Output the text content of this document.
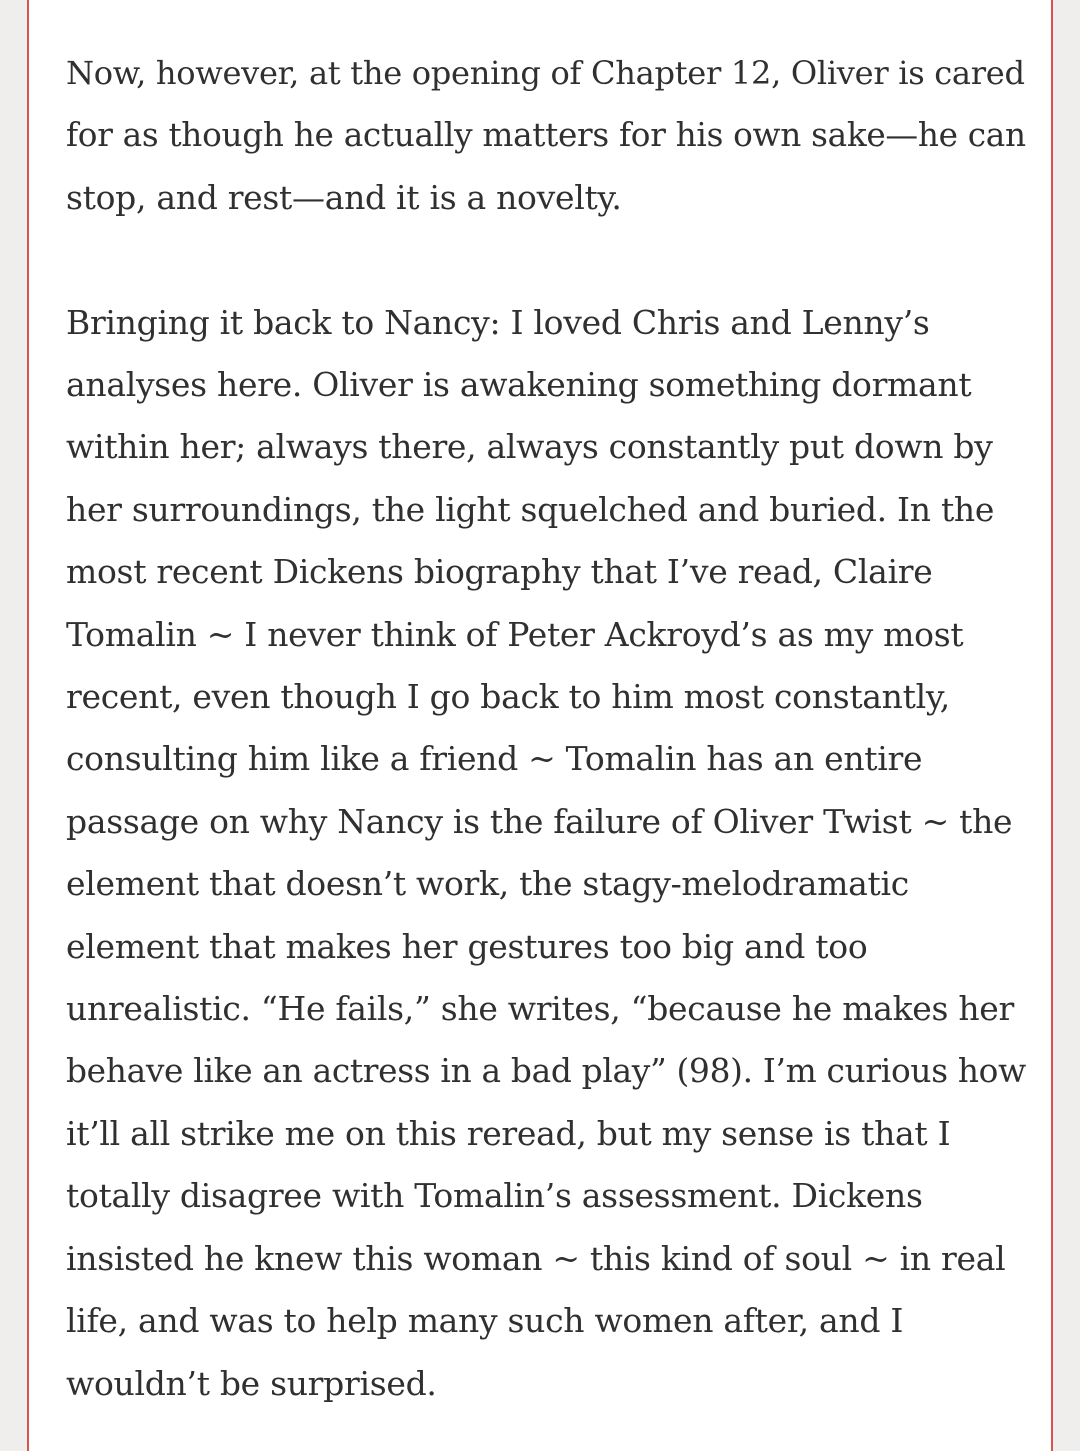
Now, however, at the opening of Chapter 12, Oliver is cared
for as though he actually matters for his own sake—he can
stop, and rest—and it is a novelty.

Bringing it back to Nancy: I loved Chris and Lenny’s
analyses here. Oliver is awakening something dormant
within her; always there, always constantly put down by
her surroundings, the light squelched and buried. In the
most recent Dickens biography that I’ve read, Claire
Tomalin ~ I never think of Peter Ackroyd’s as my most
recent, even though I go back to him most constantly,
consulting him like a friend ~ Tomalin has an entire
passage on why Nancy is the failure of Oliver Twist ~ the
element that doesn’t work, the stagy-melodramatic
element that makes her gestures too big and too
unrealistic. “He fails,” she writes, “because he makes her
behave like an actress in a bad play” (98). I’m curious how
it’ll all strike me on this reread, but my sense is that I
totally disagree with Tomalin’s assessment. Dickens
insisted he knew this woman ~ this kind of soul ~ in real
life, and was to help many such women after, and I
wouldn’t be surprised.
